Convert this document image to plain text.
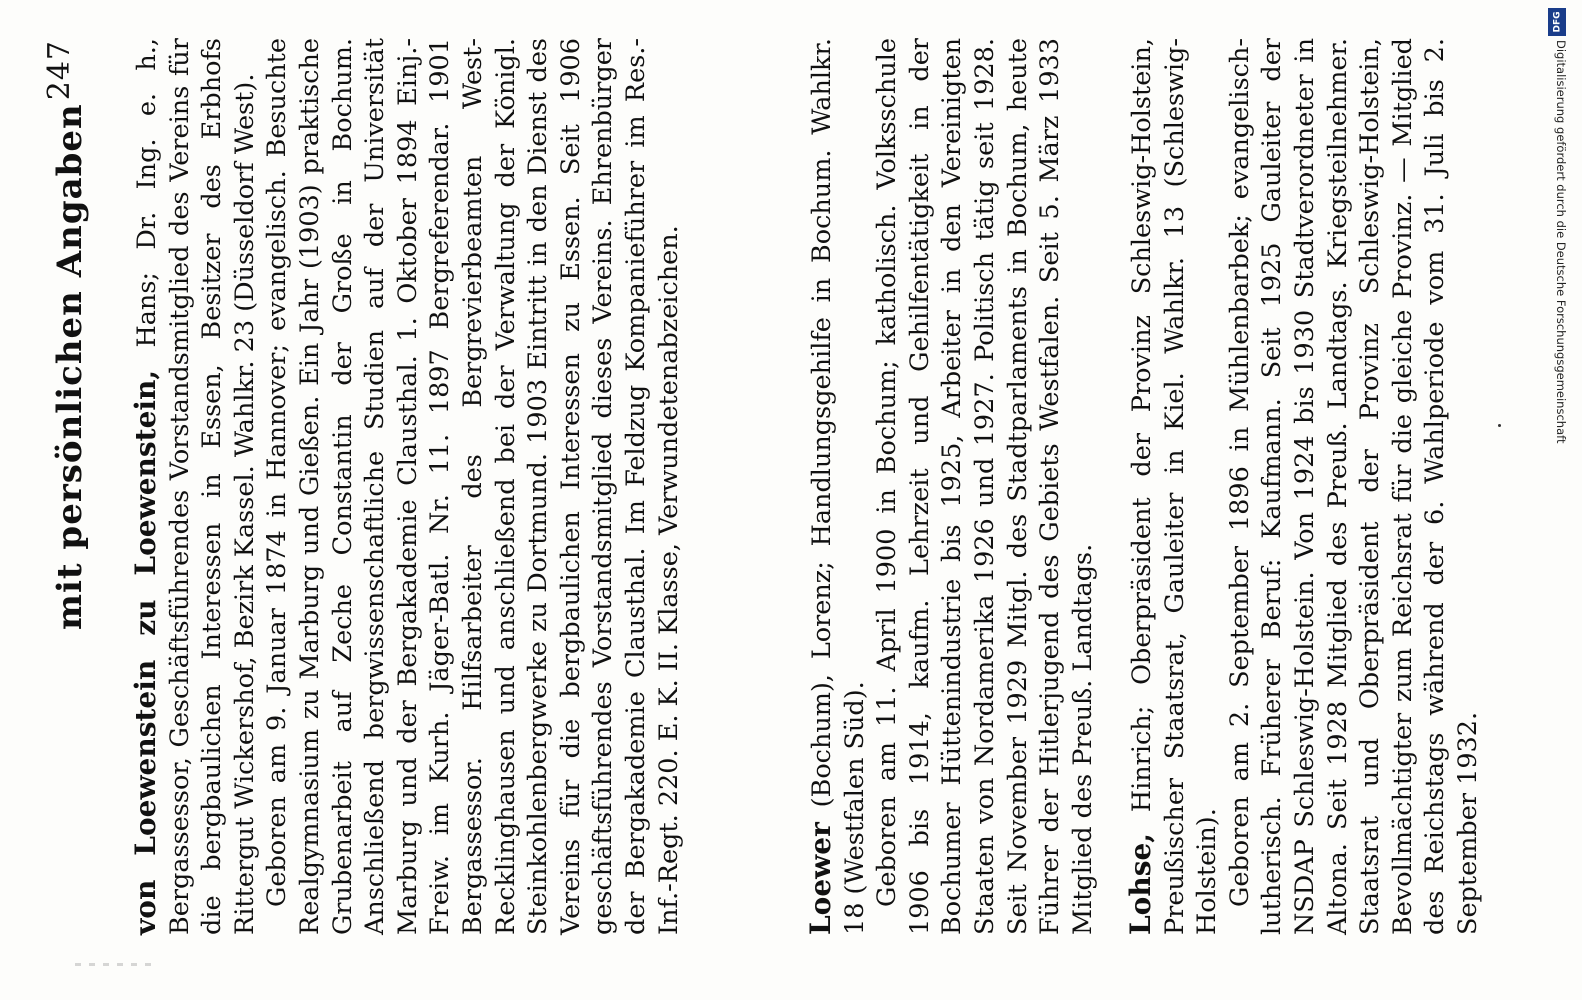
mit persönlichen Angaben
247

von Loewenstein zu Loewenstein, Hans; Dr. Ing. e. h., Bergassessor, Geschäftsführendes Vorstandsmitglied des Vereins für die bergbaulichen Interessen in Essen, Besitzer des Erbhofs Rittergut Wickershof, Bezirk Kassel. Wahlkr. 23 (Düsseldorf West). Geboren am 9. Januar 1874 in Hannover; evangelisch. Besuchte Realgymnasium zu Marburg und Gießen. Ein Jahr (1903) praktische Grubenarbeit auf Zeche Constantin der Große in Bochum. Anschließend bergwissenschaftliche Studien auf der Universität Marburg und der Bergakademie Clausthal. 1. Oktober 1894 Einj.-Freiw. im Kurh. Jäger-Batl. Nr. 11. 1897 Bergreferendar. 1901 Bergassessor. Hilfsarbeiter des Bergrevierbeamten West-Recklinghausen und anschließend bei der Verwaltung der Königl. Steinkohlenbergwerke zu Dortmund. 1903 Eintritt in den Dienst des Vereins für die bergbaulichen Interessen zu Essen. Seit 1906 geschäftsführendes Vorstandsmitglied dieses Vereins. Ehrenbürger der Bergakademie Clausthal. Im Feldzug Kompanieführer im Res.-Inf.-Regt. 220. E. K. II. Klasse, Verwundetenabzeichen.	Loewer (Bochum), Lorenz; Handlungsgehilfe in Bochum. Wahlkr. 18 (Westfalen Süd). Geboren am 11. April 1900 in Bochum; katholisch. Volksschule 1906 bis 1914, kaufm. Lehrzeit und Gehilfentätigkeit in der Bochumer Hüttenindustrie bis 1925, Arbeiter in den Vereinigten Staaten von Nordamerika 1926 und 1927. Politisch tätig seit 1928. Seit November 1929 Mitgl. des Stadtparlaments in Bochum, heute Führer der Hitlerjugend des Gebiets Westfalen. Seit 5. März 1933 Mitglied des Preuß. Landtags. Lohse, Hinrich; Oberpräsident der Provinz Schleswig-Holstein, Preußischer Staatsrat, Gauleiter in Kiel. Wahlkr. 13 (Schleswig-Holstein). Geboren am 2. September 1896 in Mühlenbarbek; evangelisch-lutherisch. Früherer Beruf: Kaufmann. Seit 1925 Gauleiter der NSDAP Schleswig-Holstein. Von 1924 bis 1930 Stadtverordneter in Altona. Seit 1928 Mitglied des Preuß. Landtags. Kriegsteilnehmer. Staatsrat und Oberpräsident der Provinz Schleswig-Holstein, Bevollmächtigter zum Reichsrat für die gleiche Provinz. — Mitglied des Reichstags während der 6. Wahlperiode vom 31. Juli bis 2. September 1932.

DFG
Digitalisierung gefördert durch die Deutsche Forschungsgemeinschaft
